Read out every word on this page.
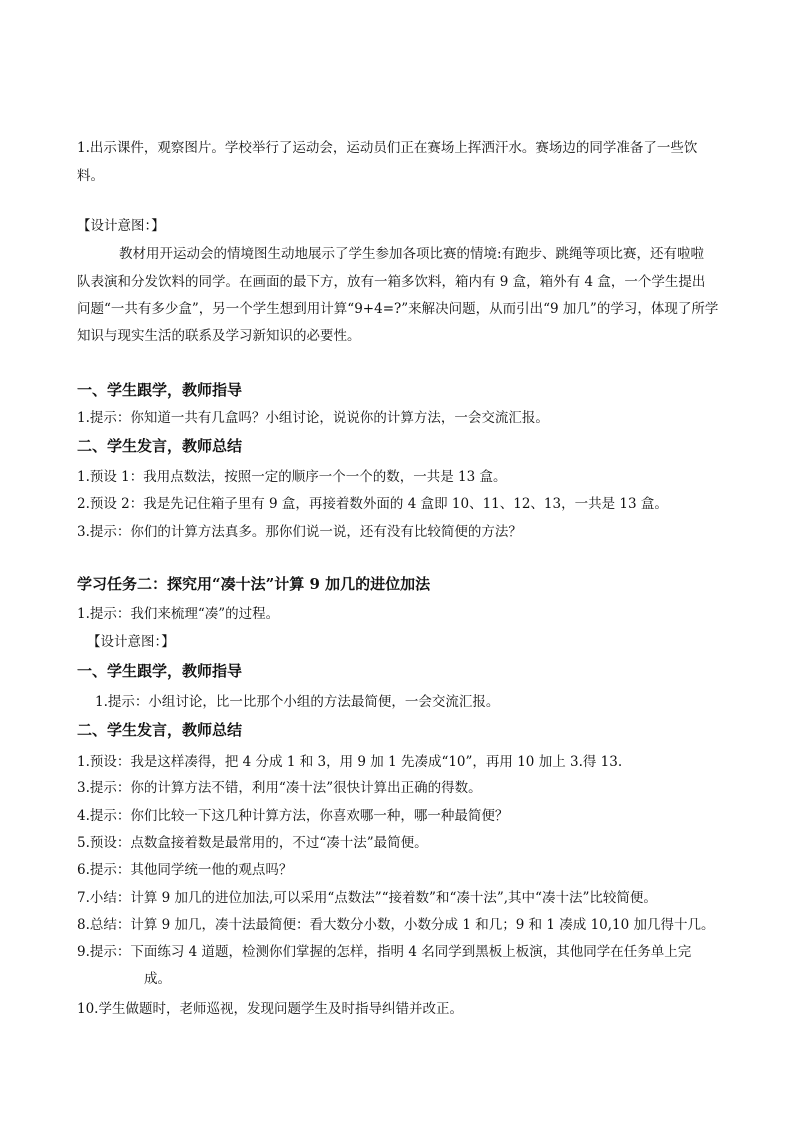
1.出示课件，观察图片。学校举行了运动会，运动员们正在赛场上挥洒汗水。赛场边的同学准备了一些饮
料。
【设计意图：】
教材用开运动会的情境图生动地展示了学生参加各项比赛的情境:有跑步、跳绳等项比赛，还有啦啦
队表演和分发饮料的同学。在画面的最下方，放有一箱多饮料，箱内有 9 盒，箱外有 4 盒，一个学生提出
问题“一共有多少盒”，另一个学生想到用计算“9+4=?”来解决问题，从而引出“9 加几”的学习，体现了所学
知识与现实生活的联系及学习新知识的必要性。
一、学生跟学，教师指导
1.提示：你知道一共有几盒吗？小组讨论，说说你的计算方法，一会交流汇报。
二、学生发言，教师总结
1.预设 1：我用点数法，按照一定的顺序一个一个的数，一共是 13 盒。
2.预设 2：我是先记住箱子里有 9 盒，再接着数外面的 4 盒即 10、11、12、13，一共是 13 盒。
3.提示：你们的计算方法真多。那你们说一说，还有没有比较简便的方法？
学习任务二：探究用“凑十法”计算 9 加几的进位加法
1.提示：我们来梳理“凑”的过程。
【设计意图：】
一、学生跟学，教师指导
1.提示：小组讨论，比一比那个小组的方法最简便，一会交流汇报。
二、学生发言，教师总结
1.预设：我是这样凑得，把 4 分成 1 和 3，用 9 加 1 先凑成“10”，再用 10 加上 3.得 13.
3.提示：你的计算方法不错，利用“凑十法”很快计算出正确的得数。
4.提示：你们比较一下这几种计算方法，你喜欢哪一种，哪一种最简便？
5.预设：点数盒接着数是最常用的，不过“凑十法”最简便。
6.提示：其他同学统一他的观点吗？
7.小结：计算 9 加几的进位加法,可以采用“点数法”“接着数”和“凑十法”,其中“凑十法”比较简便。
8.总结：计算 9 加几，凑十法最简便：看大数分小数，小数分成 1 和几；9 和 1 凑成 10,10 加几得十几。
9.提示：下面练习 4 道题，检测你们掌握的怎样，指明 4 名同学到黑板上板演，其他同学在任务单上完
成。
10.学生做题时，老师巡视，发现问题学生及时指导纠错并改正。
